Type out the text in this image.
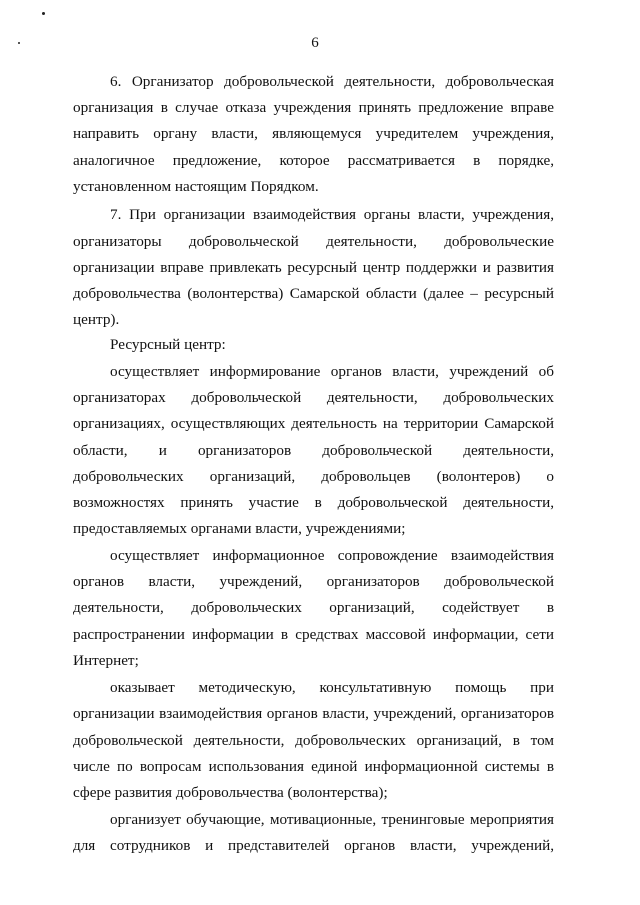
6
6. Организатор добровольческой деятельности, добровольческая
организация в случае отказа учреждения принять предложение вправе
направить органу власти, являющемуся учредителем учреждения,
аналогичное предложение, которое рассматривается в порядке,
установленном настоящим Порядком.
7. При организации взаимодействия органы власти, учреждения,
организаторы добровольческой деятельности, добровольческие
организации вправе привлекать ресурсный центр поддержки и развития
добровольчества (волонтерства) Самарской области (далее – ресурсный
центр).
Ресурсный центр:
осуществляет информирование органов власти, учреждений об
организаторах добровольческой деятельности, добровольческих
организациях, осуществляющих деятельность на территории Самарской
области, и организаторов добровольческой деятельности,
добровольческих организаций, добровольцев (волонтеров) о
возможностях принять участие в добровольческой деятельности,
предоставляемых органами власти, учреждениями;
осуществляет информационное сопровождение взаимодействия
органов власти, учреждений, организаторов добровольческой
деятельности, добровольческих организаций, содействует в
распространении информации в средствах массовой информации, сети
Интернет;
оказывает методическую, консультативную помощь при
организации взаимодействия органов власти, учреждений, организаторов
добровольческой деятельности, добровольческих организаций, в том
числе по вопросам использования единой информационной системы в
сфере развития добровольчества (волонтерства);
организует обучающие, мотивационные, тренинговые мероприятия
для сотрудников и представителей органов власти, учреждений,
